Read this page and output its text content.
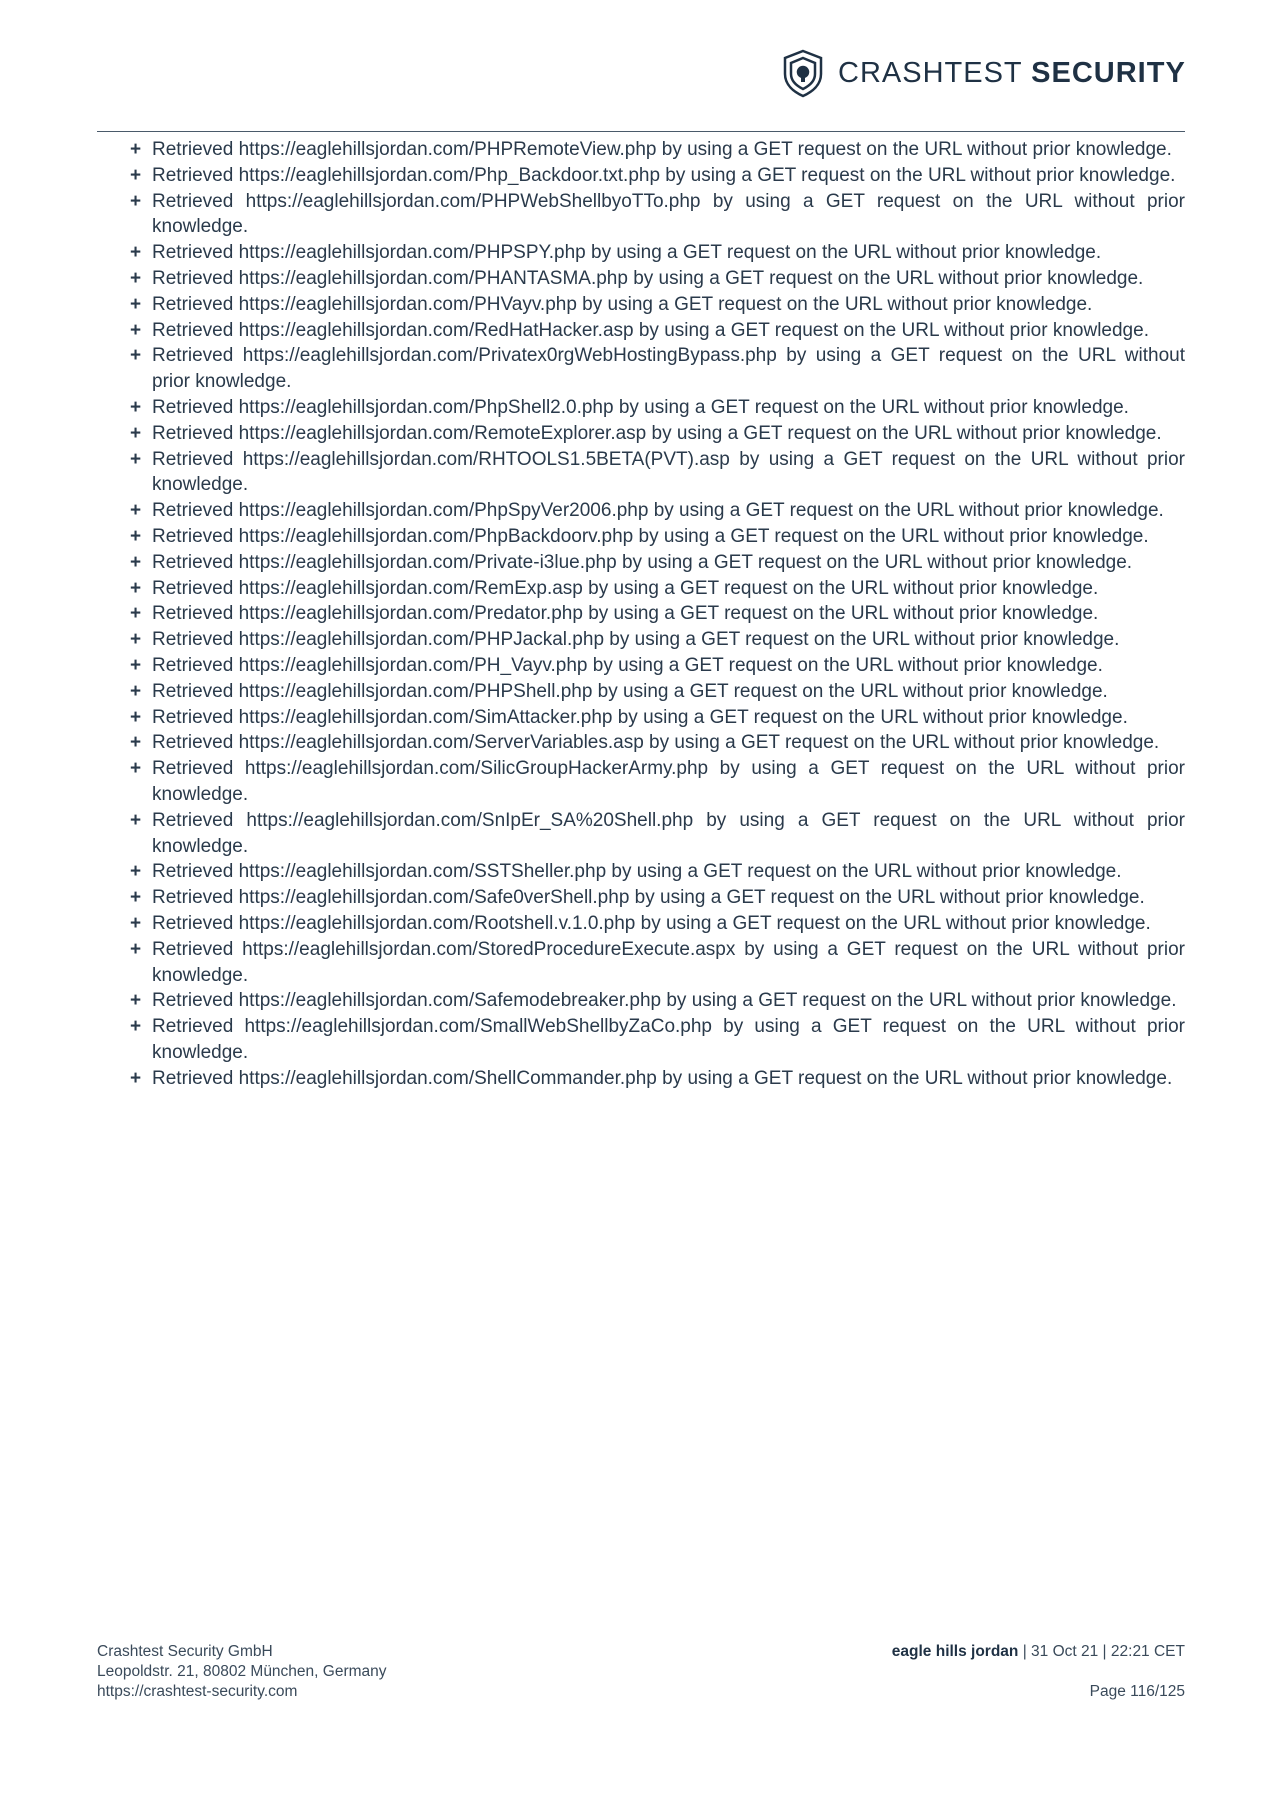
CRASHTEST SECURITY
+ Retrieved https://eaglehillsjordan.com/PHPRemoteView.php by using a GET request on the URL without prior knowledge.
+ Retrieved https://eaglehillsjordan.com/Php_Backdoor.txt.php by using a GET request on the URL without prior knowledge.
+ Retrieved https://eaglehillsjordan.com/PHPWebShellbyoTTo.php by using a GET request on the URL without prior knowledge.
+ Retrieved https://eaglehillsjordan.com/PHPSPY.php by using a GET request on the URL without prior knowledge.
+ Retrieved https://eaglehillsjordan.com/PHANTASMA.php by using a GET request on the URL without prior knowledge.
+ Retrieved https://eaglehillsjordan.com/PHVayv.php by using a GET request on the URL without prior knowledge.
+ Retrieved https://eaglehillsjordan.com/RedHatHacker.asp by using a GET request on the URL without prior knowledge.
+ Retrieved https://eaglehillsjordan.com/Privatex0rgWebHostingBypass.php by using a GET request on the URL without prior knowledge.
+ Retrieved https://eaglehillsjordan.com/PhpShell2.0.php by using a GET request on the URL without prior knowledge.
+ Retrieved https://eaglehillsjordan.com/RemoteExplorer.asp by using a GET request on the URL without prior knowledge.
+ Retrieved https://eaglehillsjordan.com/RHTOOLS1.5BETA(PVT).asp by using a GET request on the URL without prior knowledge.
+ Retrieved https://eaglehillsjordan.com/PhpSpyVer2006.php by using a GET request on the URL without prior knowledge.
+ Retrieved https://eaglehillsjordan.com/PhpBackdoorv.php by using a GET request on the URL without prior knowledge.
+ Retrieved https://eaglehillsjordan.com/Private-i3lue.php by using a GET request on the URL without prior knowledge.
+ Retrieved https://eaglehillsjordan.com/RemExp.asp by using a GET request on the URL without prior knowledge.
+ Retrieved https://eaglehillsjordan.com/Predator.php by using a GET request on the URL without prior knowledge.
+ Retrieved https://eaglehillsjordan.com/PHPJackal.php by using a GET request on the URL without prior knowledge.
+ Retrieved https://eaglehillsjordan.com/PH_Vayv.php by using a GET request on the URL without prior knowledge.
+ Retrieved https://eaglehillsjordan.com/PHPShell.php by using a GET request on the URL without prior knowledge.
+ Retrieved https://eaglehillsjordan.com/SimAttacker.php by using a GET request on the URL without prior knowledge.
+ Retrieved https://eaglehillsjordan.com/ServerVariables.asp by using a GET request on the URL without prior knowledge.
+ Retrieved https://eaglehillsjordan.com/SilicGroupHackerArmy.php by using a GET request on the URL without prior knowledge.
+ Retrieved https://eaglehillsjordan.com/SnIpEr_SA%20Shell.php by using a GET request on the URL without prior knowledge.
+ Retrieved https://eaglehillsjordan.com/SSTSheller.php by using a GET request on the URL without prior knowledge.
+ Retrieved https://eaglehillsjordan.com/Safe0verShell.php by using a GET request on the URL without prior knowledge.
+ Retrieved https://eaglehillsjordan.com/Rootshell.v.1.0.php by using a GET request on the URL without prior knowledge.
+ Retrieved https://eaglehillsjordan.com/StoredProcedureExecute.aspx by using a GET request on the URL without prior knowledge.
+ Retrieved https://eaglehillsjordan.com/Safemodebreaker.php by using a GET request on the URL without prior knowledge.
+ Retrieved https://eaglehillsjordan.com/SmallWebShellbyZaCo.php by using a GET request on the URL without prior knowledge.
+ Retrieved https://eaglehillsjordan.com/ShellCommander.php by using a GET request on the URL without prior knowledge.
Crashtest Security GmbH
Leopoldstr. 21, 80802 München, Germany
https://crashtest-security.com
eagle hills jordan | 31 Oct 21 | 22:21 CET
Page 116/125
